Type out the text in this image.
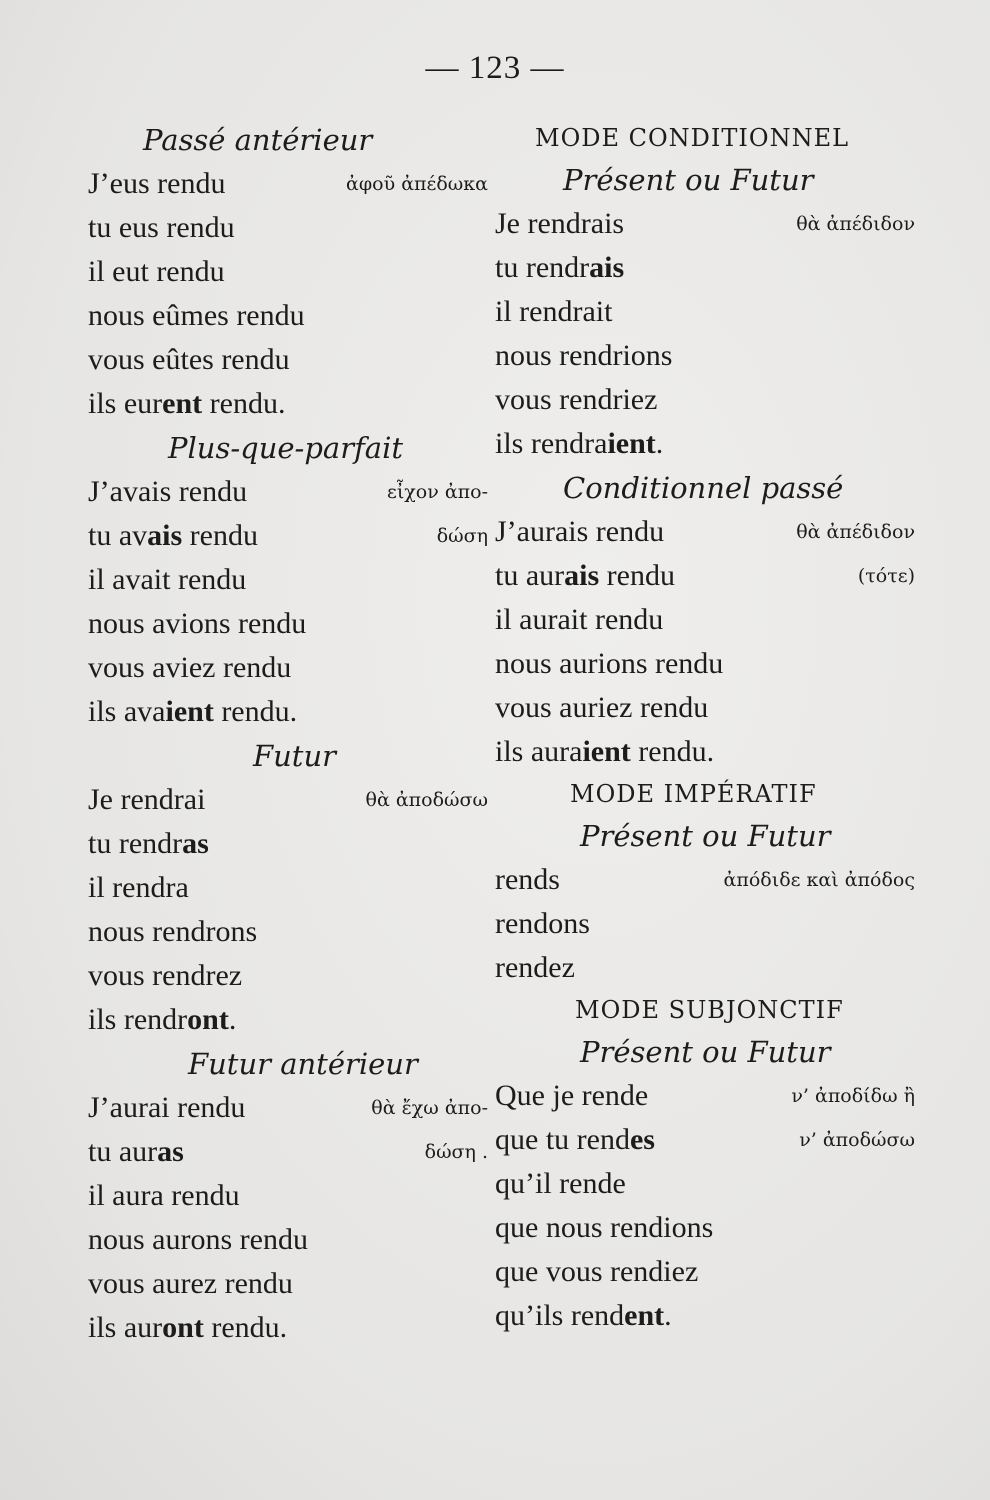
— 123 —
Passé antérieur
J’eus rendu	ἀφοῦ ἀπέδωκα
tu eus rendu
il eut rendu
nous eûmes rendu
vous eûtes rendu
ils eurent rendu.
Plus-que-parfait
J’avais rendu	εἶχον ἀπο-
tu avais rendu	δώση
il avait rendu
nous avions rendu
vous aviez rendu
ils avaient rendu.
Futur
Je rendrai	θὰ ἀποδώσω
tu rendras
il rendra
nous rendrons
vous rendrez
ils rendront.
Futur antérieur
J’aurai rendu	θὰ ἔχω ἀπο-
tu auras	δώση .
il aura rendu
nous aurons rendu
vous aurez rendu
ils auront rendu.
MODE CONDITIONNEL
Présent ou Futur
Je rendrais	θὰ ἀπέδιδον
tu rendrais
il rendrait
nous rendrions
vous rendriez
ils rendraient.
Conditionnel passé
J’aurais rendu	θὰ ἀπέδιδον
tu aurais rendu	(τότε)
il aurait rendu
nous aurions rendu
vous auriez rendu
ils auraient rendu.
MODE IMPÉRATIF
Présent ou Futur
rends	ἀπόδιδε καὶ ἀπόδος
rendons
rendez
MODE SUBJONCTIF
Présent ou Futur
Que je rende	ν’ ἀποδίδω ἢ
que tu rendes	ν’ ἀποδώσω
qu’il rende
que nous rendions
que vous rendiez
qu’ils rendent.
